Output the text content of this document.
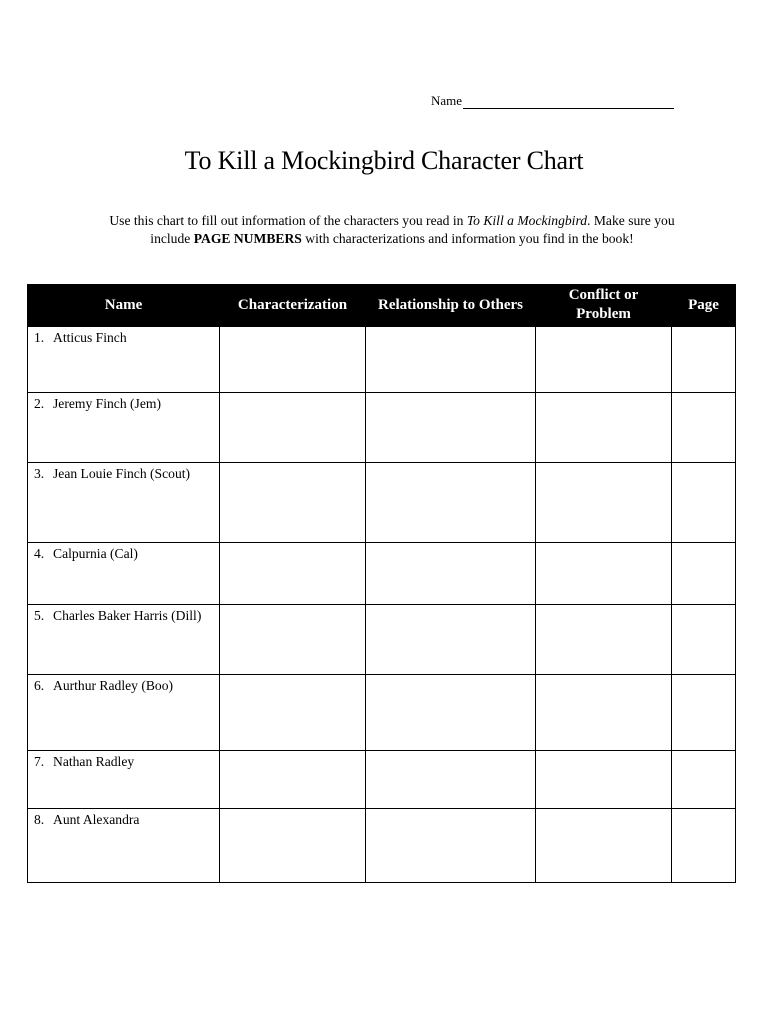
Name
To Kill a Mockingbird Character Chart

Use this chart to fill out information of the characters you read in To Kill a Mockingbird. Make sure you include PAGE NUMBERS with characterizations and information you find in the book!

Name	Characterization	Relationship to Others	Conflict or Problem	Page
1. Atticus Finch				
2. Jeremy Finch (Jem)				
3. Jean Louie Finch (Scout)				
4. Calpurnia (Cal)				
5. Charles Baker Harris (Dill)				
6. Aurthur Radley (Boo)				
7. Nathan Radley				
8. Aunt Alexandra				
